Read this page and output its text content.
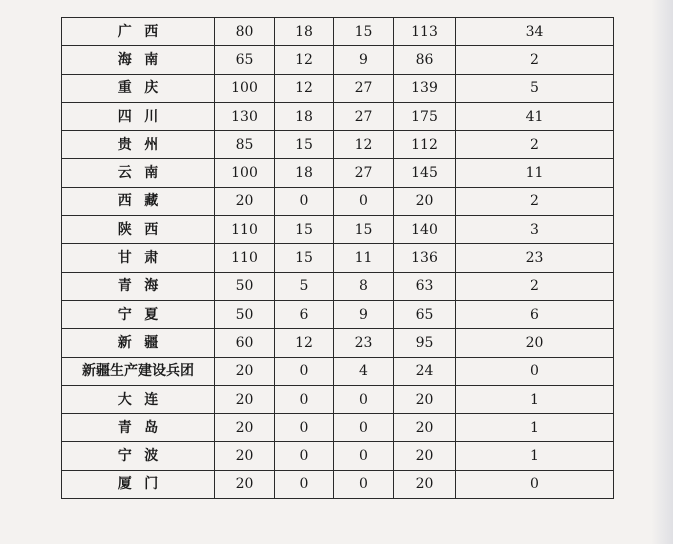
广西	80	18	15	113	34
海南	65	12	9	86	2
重庆	100	12	27	139	5
四川	130	18	27	175	41
贵州	85	15	12	112	2
云南	100	18	27	145	11
西藏	20	0	0	20	2
陕西	110	15	15	140	3
甘肃	110	15	11	136	23
青海	50	5	8	63	2
宁夏	50	6	9	65	6
新疆	60	12	23	95	20
新疆生产建设兵团	20	0	4	24	0
大连	20	0	0	20	1
青岛	20	0	0	20	1
宁波	20	0	0	20	1
厦门	20	0	0	20	0
